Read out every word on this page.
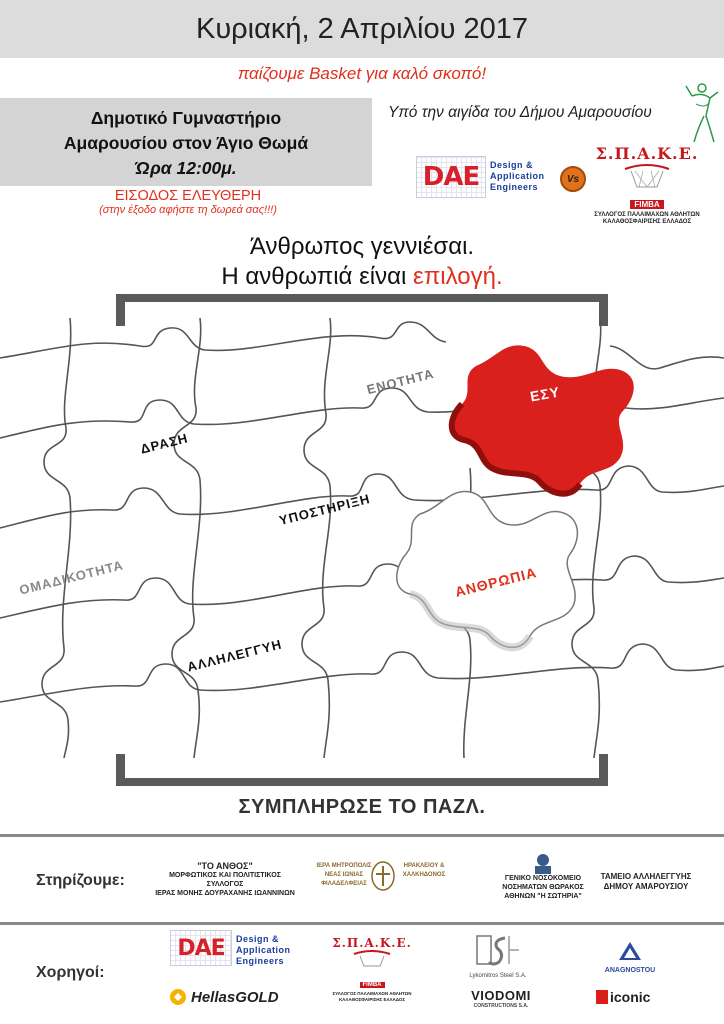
Κυριακή, 2 Απριλίου 2017
παίζουμε Basket για καλό σκοπό!
Δημοτικό Γυμναστήριο
Αμαρουσίου στον Άγιο Θωμά
Ώρα 12:00μ.
ΕΙΣΟΔΟΣ ΕΛΕΥΘΕΡΗ
(στην έξοδο αφήστε τη δωρεά σας!!!)
Υπό την αιγίδα του Δήμου Αμαρουσίου
DAE Design &
Application
Engineers
Vs
Σ.Π.Α.Κ.Ε.
FIMBA
ΣΥΛΛΟΓΟΣ ΠΑΛΑΙΜΑΧΩΝ ΑΘΛΗΤΩΝ
ΚΑΛΑΘΟΣΦΑΙΡΙΣΗΣ ΕΛΛΑΔΟΣ
Άνθρωπος γεννιέσαι.
Η ανθρωπιά είναι επιλογή.
ΕΝΟΤΗΤΑ
ΔΡΑΣΗ
ΕΣΥ
ΥΠΟΣΤΗΡΙΞΗ
ΟΜΑΔΙΚΟΤΗΤΑ	ΑΝΘΡΩΠΙΑ
ΑΛΛΗΛΕΓΓΥΗ
ΣΥΜΠΛΗΡΩΣΕ ΤΟ ΠΑΖΛ.
Στηρίζουμε:
"ΤΟ ΑΝΘΟΣ"
ΜΟΡΦΩΤΙΚΟΣ ΚΑΙ ΠΟΛΙΤΙΣΤΙΚΟΣ ΣΥΛΛΟΓΟΣ
ΙΕΡΑΣ ΜΟΝΗΣ ΔΟΥΡΑΧΑΝΗΣ ΙΩΑΝΝΙΝΩΝ
ΙΕΡΑ ΜΗΤΡΟΠΟΛΙΣ
ΝΕΑΣ ΙΩΝΙΑΣ ΦΙΛΑΔΕΛΦΕΙΑΣ
ΗΡΑΚΛΕΙΟΥ & ΧΑΛΚΗΔΟΝΟΣ	ΓΕΝΙΚΟ ΝΟΣΟΚΟΜΕΙΟ
ΝΟΣΗΜΑΤΩΝ ΘΩΡΑΚΟΣ
ΑΘΗΝΩΝ "Η ΣΩΤΗΡΙΑ"
ΤΑΜΕΙΟ ΑΛΛΗΛΕΓΓΥΗΣ
ΔΗΜΟΥ ΑΜΑΡΟΥΣΙΟΥ
Χορηγοί:
DAE Design &
Application
Engineers
HellasGOLD
Σ.Π.Α.Κ.Ε.
FIMBA
ΣΥΛΛΟΓΟΣ ΠΑΛΑΙΜΑΧΩΝ ΑΘΛΗΤΩΝ
ΚΑΛΑΘΟΣΦΑΙΡΙΣΗΣ ΕΛΛΑΔΟΣ
Lykomitros Steel S.A.
VIODOMI
CONSTRUCTIONS S.A.
ANAGNOSTOU
iconic
